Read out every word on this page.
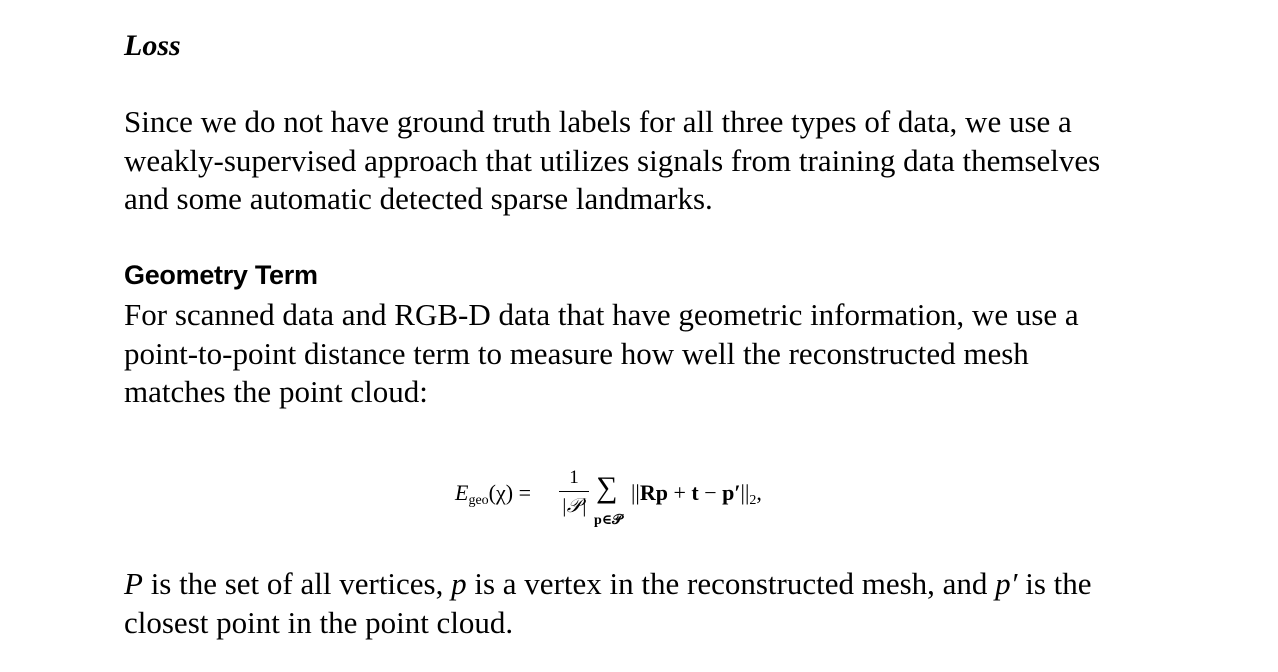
Loss
Since we do not have ground truth labels for all three types of data, we use a
weakly-supervised approach that utilizes signals from training data themselves
and some automatic detected sparse landmarks.
Geometry Term
For scanned data and RGB-D data that have geometric information, we use a
point-to-point distance term to measure how well the reconstructed mesh
matches the point cloud:
$E_{geo}(\chi)$ =
1
|𝒫|
∑
p∈𝒫
$||Rp + t - p'||_2$,
P is the set of all vertices, p is a vertex in the reconstructed mesh, and p′ is the
closest point in the point cloud.
